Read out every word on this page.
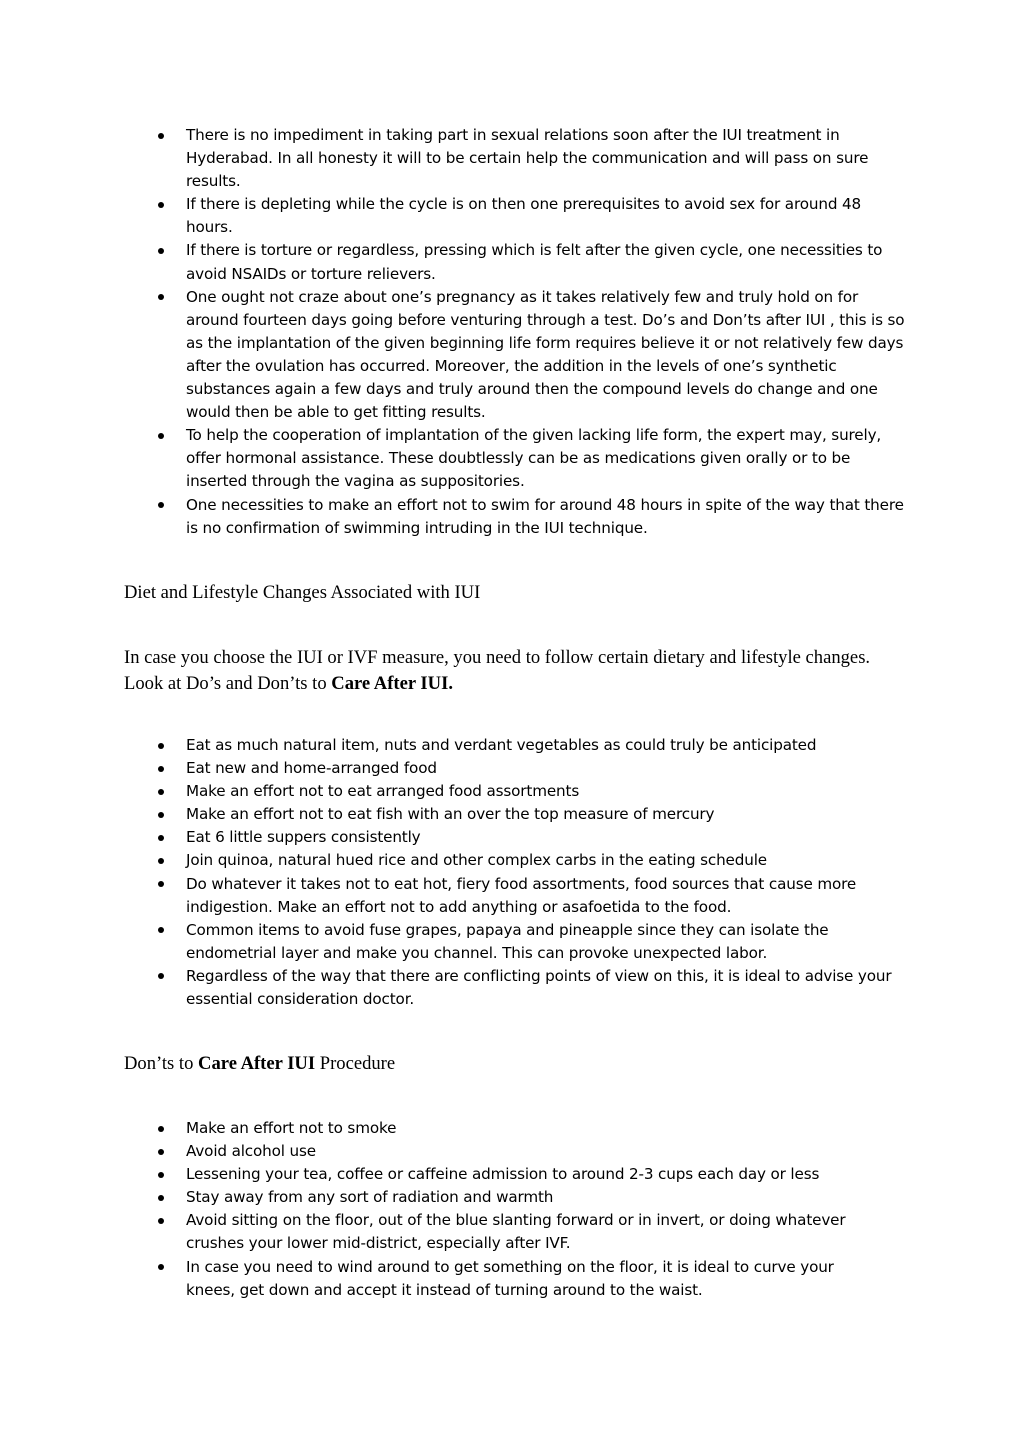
There is no impediment in taking part in sexual relations soon after the IUI treatment in Hyderabad. In all honesty it will to be certain help the communication and will pass on sure results.
If there is depleting while the cycle is on then one prerequisites to avoid sex for around 48 hours.
If there is torture or regardless, pressing which is felt after the given cycle, one necessities to avoid NSAIDs or torture relievers.
One ought not craze about one’s pregnancy as it takes relatively few and truly hold on for around fourteen days going before venturing through a test. Do’s and Don’ts after IUI , this is so as the implantation of the given beginning life form requires believe it or not relatively few days after the ovulation has occurred. Moreover, the addition in the levels of one’s synthetic substances again a few days and truly around then the compound levels do change and one would then be able to get fitting results.
To help the cooperation of implantation of the given lacking life form, the expert may, surely, offer hormonal assistance. These doubtlessly can be as medications given orally or to be inserted through the vagina as suppositories.
One necessities to make an effort not to swim for around 48 hours in spite of the way that there is no confirmation of swimming intruding in the IUI technique.

Diet and Lifestyle Changes Associated with IUI

In case you choose the IUI or IVF measure, you need to follow certain dietary and lifestyle changes. Look at Do’s and Don’ts to Care After IUI.

Eat as much natural item, nuts and verdant vegetables as could truly be anticipated
Eat new and home-arranged food
Make an effort not to eat arranged food assortments
Make an effort not to eat fish with an over the top measure of mercury
Eat 6 little suppers consistently
Join quinoa, natural hued rice and other complex carbs in the eating schedule
Do whatever it takes not to eat hot, fiery food assortments, food sources that cause more indigestion. Make an effort not to add anything or asafoetida to the food.
Common items to avoid fuse grapes, papaya and pineapple since they can isolate the endometrial layer and make you channel. This can provoke unexpected labor.
Regardless of the way that there are conflicting points of view on this, it is ideal to advise your essential consideration doctor.

Don’ts to Care After IUI Procedure

Make an effort not to smoke
Avoid alcohol use
Lessening your tea, coffee or caffeine admission to around 2-3 cups each day or less
Stay away from any sort of radiation and warmth
Avoid sitting on the floor, out of the blue slanting forward or in invert, or doing whatever crushes your lower mid-district, especially after IVF.
In case you need to wind around to get something on the floor, it is ideal to curve your knees, get down and accept it instead of turning around to the waist.
